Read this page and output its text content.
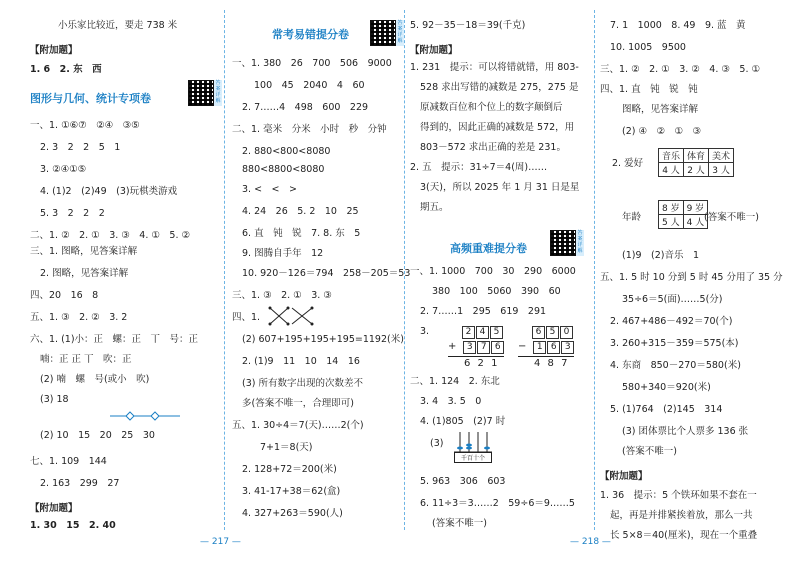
小乐家比较近，要走 738 米
【附加题】
1. 6　2. 东　西
图形与几何、统计专项卷
答案详解
一、1. ①⑥⑦　②④　③⑤
2. 3　2　2　5　1
3. ②④①⑤
4. (1)2　(2)49　(3)玩棋类游戏
5. 3　2　2　2
二、1. ②　2. ①　3. ③　4. ①　5. ②
三、1. 图略，见答案详解
2. 图略，见答案详解
四、20　16　8
五、1. ③　2. ②　3. 2
六、1. (1)小：正　螺：正　丅　号：正
喃：正 正 丅　吹：正
(2) 喃　螺　号(或小　吹)
(3) 18
(2) 10　15　20　25　30
七、1. 109　144
2. 163　299　27
【附加题】
1. 30　15　2. 40
常考易错提分卷
答案详解
一、1. 380　26　700　506　9000
100　45　2040　4　60
2. 7……4　498　600　229
二、1. 毫米　分米　小时　秒　分钟
2. 880<800<8080
880<8800<8080
3. <　<　>
4. 24　26　5. 2　10　25
6. 直　钝　锐　7. 8. 东　5
9. 图腾自手年　12
10. 920－126＝794　258－205＝53
三、1. ③　2. ①　3. ③
四、1.
(2) 607+195+195+195=1192(米)
2. (1)9　11　10　14　16
(3) 所有数字出现的次数差不
多(答案不唯一，合理即可)
五、1. 30÷4＝7(天)……2(个)
7+1＝8(天)
2. 128+72＝200(米)
3. 41-17+38＝62(盒)
4. 327+263＝590(人)
5. 92－35－18＝39(千克)
【附加题】
1. 231　提示：可以将错就错，用 803-
528 求出写错的减数是 275，275 是
原减数百位和个位上的数字颠倒后
得到的，因此正确的减数是 572，用
803－572 求出正确的差是 231。
2. 五　提示：31÷7＝4(周)……
3(天)，所以 2025 年 1 月 31 日是星
期五。
高频重难提分卷
答案详解
一、1. 1000　700　30　290　6000
380　100　5060　390　60
2. 7……1　295　619　291
3.	2 4 5
+ 3 7 6
6 2 1
6 5 0
− 1 6 3
4 8 7
二、1. 124　2. 东北
3. 4　3. 5　0
4. (1)805　(2)7 时
(3)
千百十个
5. 963　306　603
6. 11÷3＝3……2　59÷6＝9……5
(答案不唯一)
7. 1　1000　8. 49　9. 蓝　黄
10. 1005　9500
三、1. ②　2. ①　3. ②　4. ③　5. ①
四、1. 直　钝　锐　钝
图略，见答案详解
(2) ④　②　①　③
2. 爱好
音乐	体育	美术
4 人	2 人	3 人
年龄
8 岁	9 岁
5 人	4 人 (答案不唯一)
(1)9　(2)音乐　1
五、1. 5 时 10 分到 5 时 45 分用了 35 分
35÷6＝5(面)……5(分)
2. 467+486－492＝70(个)
3. 260+315－359＝575(本)
4. 东商　850－270＝580(米)
580+340＝920(米)
5. (1)764　(2)145　314
(3) 团体票比个人票多 136 张
(答案不唯一)
【附加题】
1. 36　提示：5 个铁环如果不套在一
起，再是并排紧挨着放，那么一共
长 5×8＝40(厘米)，现在一个重叠
— 217 —	— 218 —
